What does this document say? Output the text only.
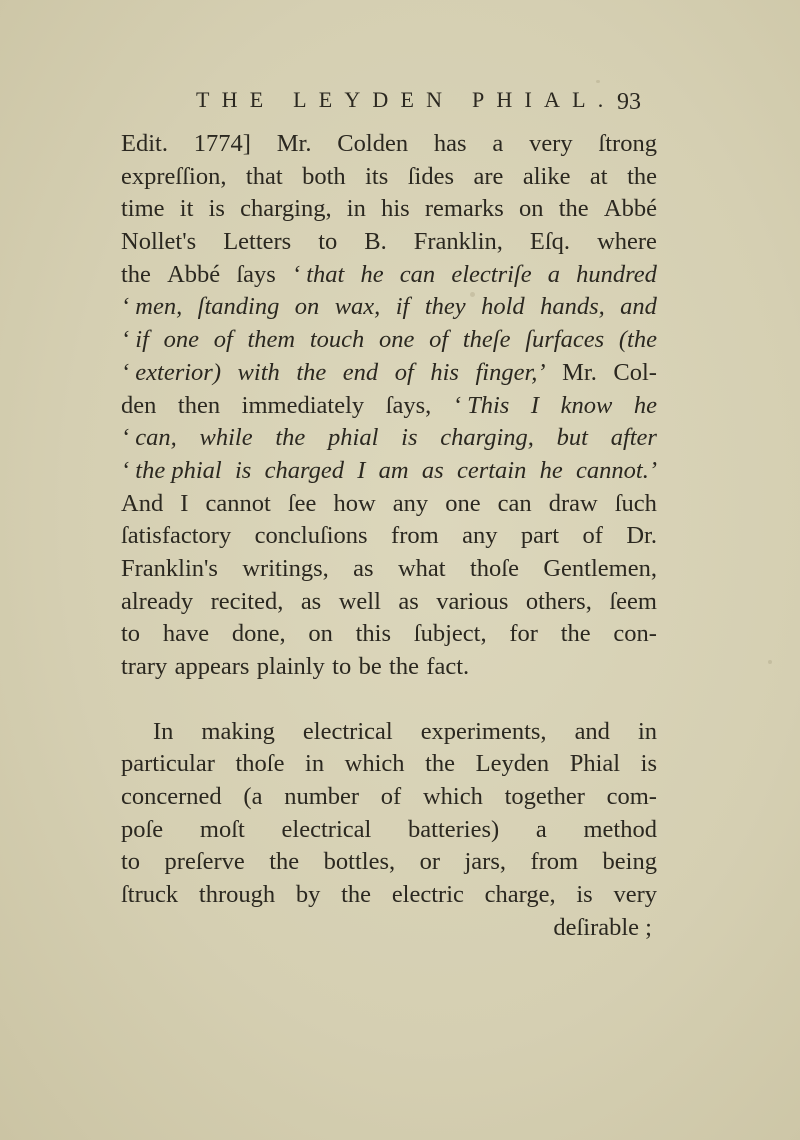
THE LEYDEN PHIAL. 93
Edit. 1774] Mr. Colden has a very ſtrong
expreſſion, that both its ſides are alike at the
time it is charging, in his remarks on the Abbé
Nollet's Letters to B. Franklin, Eſq. where
the Abbé ſays ‘ that he can electriſe a hundred
‘ men, ſtanding on wax, if they hold hands, and
‘ if one of them touch one of theſe ſurfaces (the
‘ exterior) with the end of his finger,’ Mr. Col-
den then immediately ſays, ‘ This I know he
‘ can, while the phial is charging, but after
‘ the phial is charged I am as certain he cannot.’
And I cannot ſee how any one can draw ſuch
ſatisfactory concluſions from any part of Dr.
Franklin's writings, as what thoſe Gentlemen,
already recited, as well as various others, ſeem
to have done, on this ſubject, for the con-
trary appears plainly to be the fact.
In making electrical experiments, and in
particular thoſe in which the Leyden Phial is
concerned (a number of which together com-
poſe moſt electrical batteries) a method
to preſerve the bottles, or jars, from being
ſtruck through by the electric charge, is very
deſirable ;
